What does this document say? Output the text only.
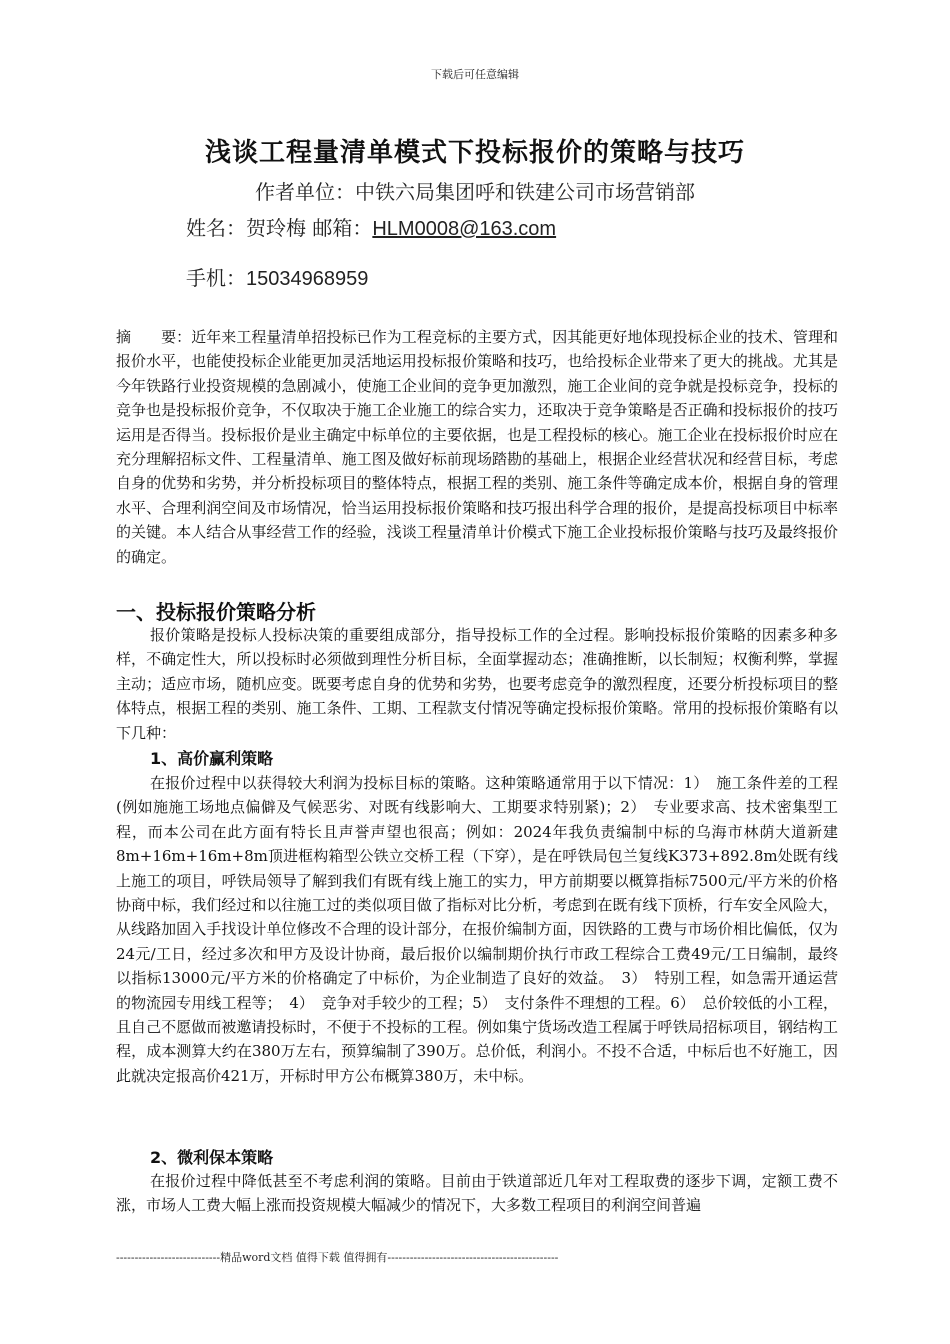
下载后可任意编辑
浅谈工程量清单模式下投标报价的策略与技巧
作者单位：中铁六局集团呼和铁建公司市场营销部
姓名：贺玲梅 邮箱：HLM0008@163.com
手机：15034968959
摘　　要：近年来工程量清单招投标已作为工程竞标的主要方式，因其能更好地体现投标企业的技术、管理和报价水平，也能使投标企业能更加灵活地运用投标报价策略和技巧，也给投标企业带来了更大的挑战。尤其是今年铁路行业投资规模的急剧减小，使施工企业间的竞争更加激烈，施工企业间的竞争就是投标竞争，投标的竞争也是投标报价竞争，不仅取决于施工企业施工的综合实力，还取决于竞争策略是否正确和投标报价的技巧运用是否得当。投标报价是业主确定中标单位的主要依据，也是工程投标的核心。施工企业在投标报价时应在充分理解招标文件、工程量清单、施工图及做好标前现场踏勘的基础上，根据企业经营状况和经营目标，考虑自身的优势和劣势，并分析投标项目的整体特点，根据工程的类别、施工条件等确定成本价，根据自身的管理水平、合理利润空间及市场情况，恰当运用投标报价策略和技巧报出科学合理的报价，是提高投标项目中标率的关键。本人结合从事经营工作的经验，浅谈工程量清单计价模式下施工企业投标报价策略与技巧及最终报价的确定。
一、投标报价策略分析
报价策略是投标人投标决策的重要组成部分，指导投标工作的全过程。影响投标报价策略的因素多种多样，不确定性大，所以投标时必须做到理性分析目标，全面掌握动态；准确推断，以长制短；权衡利弊，掌握主动；适应市场，随机应变。既要考虑自身的优势和劣势，也要考虑竞争的激烈程度，还要分析投标项目的整体特点，根据工程的类别、施工条件、工期、工程款支付情况等确定投标报价策略。常用的投标报价策略有以下几种：
1、高价赢利策略
在报价过程中以获得较大利润为投标目标的策略。这种策略通常用于以下情况：1）　施工条件差的工程(例如施施工场地点偏僻及气候恶劣、对既有线影响大、工期要求特别紧)；2）　专业要求高、技术密集型工程，而本公司在此方面有特长且声誉声望也很高；例如：2024年我负责编制中标的乌海市林荫大道新建8m+16m+16m+8m顶进框构箱型公铁立交桥工程（下穿），是在呼铁局包兰复线K373+892.8m处既有线上施工的项目，呼铁局领导了解到我们有既有线上施工的实力，甲方前期要以概算指标7500元/平方米的价格协商中标，我们经过和以往施工过的类似项目做了指标对比分析，考虑到在既有线下顶桥，行车安全风险大，从线路加固入手找设计单位修改不合理的设计部分，在报价编制方面，因铁路的工费与市场价相比偏低，仅为24元/工日，经过多次和甲方及设计协商，最后报价以编制期价执行市政工程综合工费49元/工日编制，最终以指标13000元/平方米的价格确定了中标价，为企业制造了良好的效益。　3）　特别工程，如急需开通运营的物流园专用线工程等；　4）　竞争对手较少的工程；5）　支付条件不理想的工程。6）　总价较低的小工程，且自己不愿做而被邀请投标时，不便于不投标的工程。例如集宁货场改造工程属于呼铁局招标项目，钢结构工程，成本测算大约在380万左右，预算编制了390万。总价低，利润小。不投不合适，中标后也不好施工，因此就决定报高价421万，开标时甲方公布概算380万，未中标。
2、微利保本策略
在报价过程中降低甚至不考虑利润的策略。目前由于铁道部近几年对工程取费的逐步下调，定额工费不涨，市场人工费大幅上涨而投资规模大幅减少的情况下，大多数工程项目的利润空间普遍
----------------------------精品word文档 值得下载 值得拥有----------------------------------------------
